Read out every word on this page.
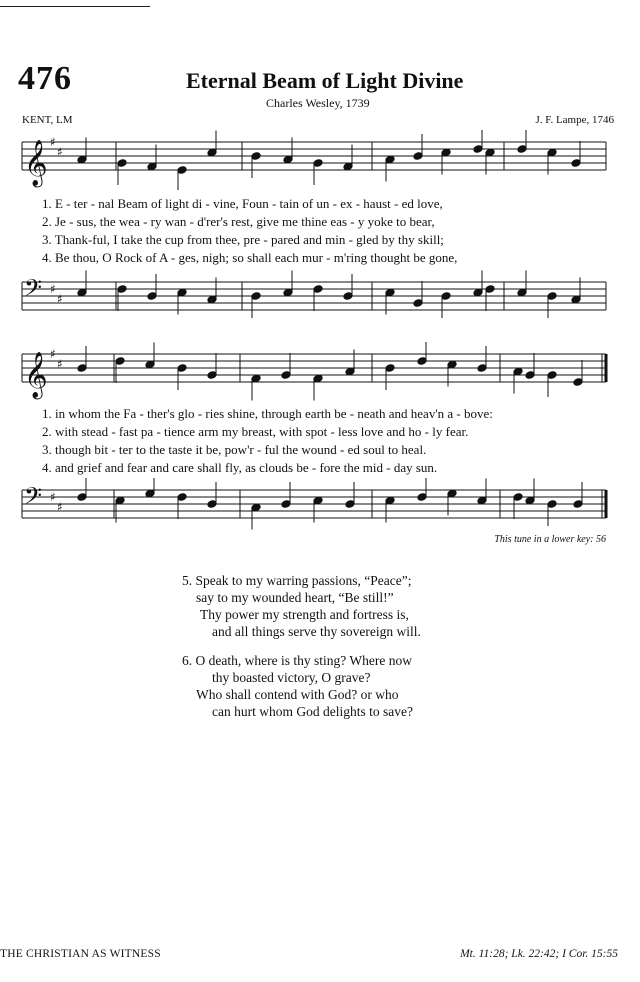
476	Eternal Beam of Light Divine
Charles Wesley, 1739
KENT, LM	J. F. Lampe, 1746
𝄞 ♯
♯
1. E - ter - nal Beam of light di - vine, Foun - tain of un - ex - haust - ed love,
2. Je - sus, the wea - ry wan - d'rer's rest, give me thine eas - y yoke to bear,
3. Thank-ful, I take the cup from thee, pre - pared and min - gled by thy skill;
4. Be thou, O Rock of A - ges, nigh; so shall each mur - m'ring thought be gone,
𝄢 ♯
♯
𝄞 ♯
♯
1. in whom the Fa - ther's glo - ries shine, through earth be - neath and heav'n a - bove:
2. with stead - fast pa - tience arm my breast, with spot - less love and ho - ly fear.
3. though bit - ter to the taste it be, pow'r - ful the wound - ed soul to heal.
4. and grief and fear and care shall fly, as clouds be - fore the mid - day sun.
𝄢 ♯
♯
This tune in a lower key: 56
5. Speak to my warring passions, “Peace”;
say to my wounded heart, “Be still!”
Thy power my strength and fortress is,
and all things serve thy sovereign will.
6. O death, where is thy sting? Where now
thy boasted victory, O grave?
Who shall contend with God? or who
can hurt whom God delights to save?
THE CHRISTIAN AS WITNESS	Mt. 11:28; Lk. 22:42; I Cor. 15:55
